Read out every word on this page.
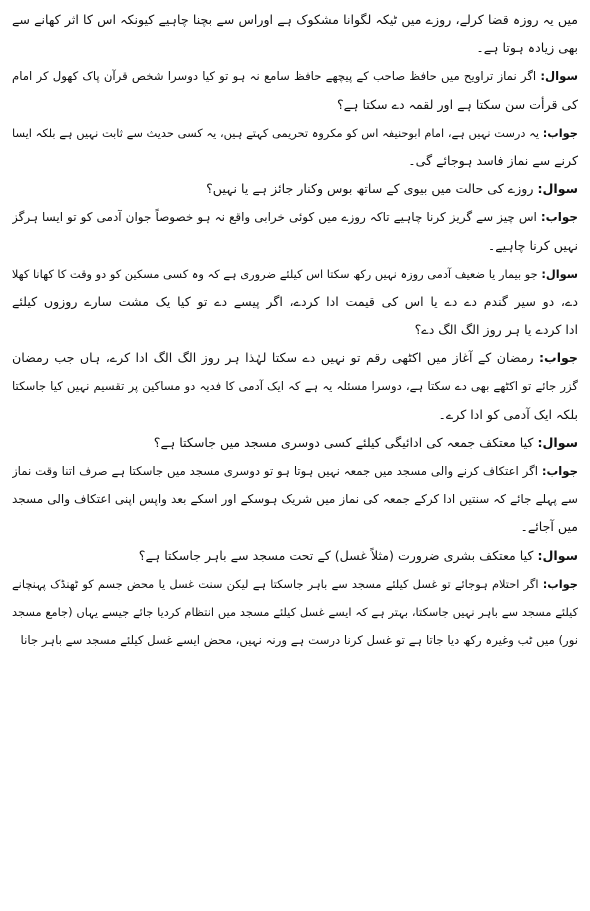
میں یہ روزہ قضا کرلے، روزے میں ٹیکہ لگوانا مشکوک ہے اوراس سے بچنا چاہیے کیونکہ اس کا اثر کھانے سے
بھی زیادہ ہوتا ہے۔
سوال: اگر نماز تراویح میں حافظ صاحب کے پیچھے حافظ سامع نہ ہو تو کیا دوسرا شخص قرآن پاک کھول کر امام
کی قرأت سن سکتا ہے اور لقمہ دے سکتا ہے؟
جواب: یہ درست نہیں ہے، امام ابوحنیفہ اس کو مکروہ تحریمی کہتے ہیں، یہ کسی حدیث سے ثابت نہیں ہے بلکہ ایسا
کرنے سے نماز فاسد ہوجائے گی۔
سوال: روزے کی حالت میں بیوی کے ساتھ بوس وکنار جائز ہے یا نہیں؟
جواب: اس چیز سے گریز کرنا چاہیے تاکہ روزے میں کوئی خرابی واقع نہ ہو خصوصاً جوان آدمی کو تو ایسا ہرگز
نہیں کرنا چاہیے۔
سوال: جو بیمار یا ضعیف آدمی روزہ نہیں رکھ سکتا اس کیلئے ضروری ہے کہ وہ کسی مسکین کو دو وقت کا کھانا کھلا
دے، دو سیر گندم دے دے یا اس کی قیمت ادا کردے، اگر پیسے دے تو کیا یک مشت سارے روزوں کیلئے
ادا کردے یا ہر روز الگ الگ دے؟
جواب: رمضان کے آغاز میں اکٹھی رقم تو نہیں دے سکتا لہٰذا ہر روز الگ الگ ادا کرے، ہاں جب رمضان
گزر جائے تو اکٹھے بھی دے سکتا ہے، دوسرا مسئلہ یہ ہے کہ ایک آدمی کا فدیہ دو مساکین پر تقسیم نہیں کیا جاسکتا
بلکہ ایک آدمی کو ادا کرے۔
سوال: کیا معتکف جمعہ کی ادائیگی کیلئے کسی دوسری مسجد میں جاسکتا ہے؟
جواب: اگر اعتکاف کرنے والی مسجد میں جمعہ نہیں ہوتا ہو تو دوسری مسجد میں جاسکتا ہے صرف اتنا وقت نماز
سے پہلے جائے کہ سنتیں ادا کرکے جمعہ کی نماز میں شریک ہوسکے اور اسکے بعد واپس اپنی اعتکاف والی مسجد
میں آجائے۔
سوال: کیا معتکف بشری ضرورت (مثلاً غسل) کے تحت مسجد سے باہر جاسکتا ہے؟
جواب: اگر احتلام ہوجائے تو غسل کیلئے مسجد سے باہر جاسکتا ہے لیکن سنت غسل یا محض جسم کو ٹھنڈک پہنچانے
کیلئے مسجد سے باہر نہیں جاسکتا، بہتر ہے کہ ایسے غسل کیلئے مسجد میں انتظام کردیا جائے جیسے یہاں (جامع مسجد
نور) میں ٹب وغیرہ رکھ دیا جاتا ہے تو غسل کرنا درست ہے ورنہ نہیں، محض ایسے غسل کیلئے مسجد سے باہر جانا
